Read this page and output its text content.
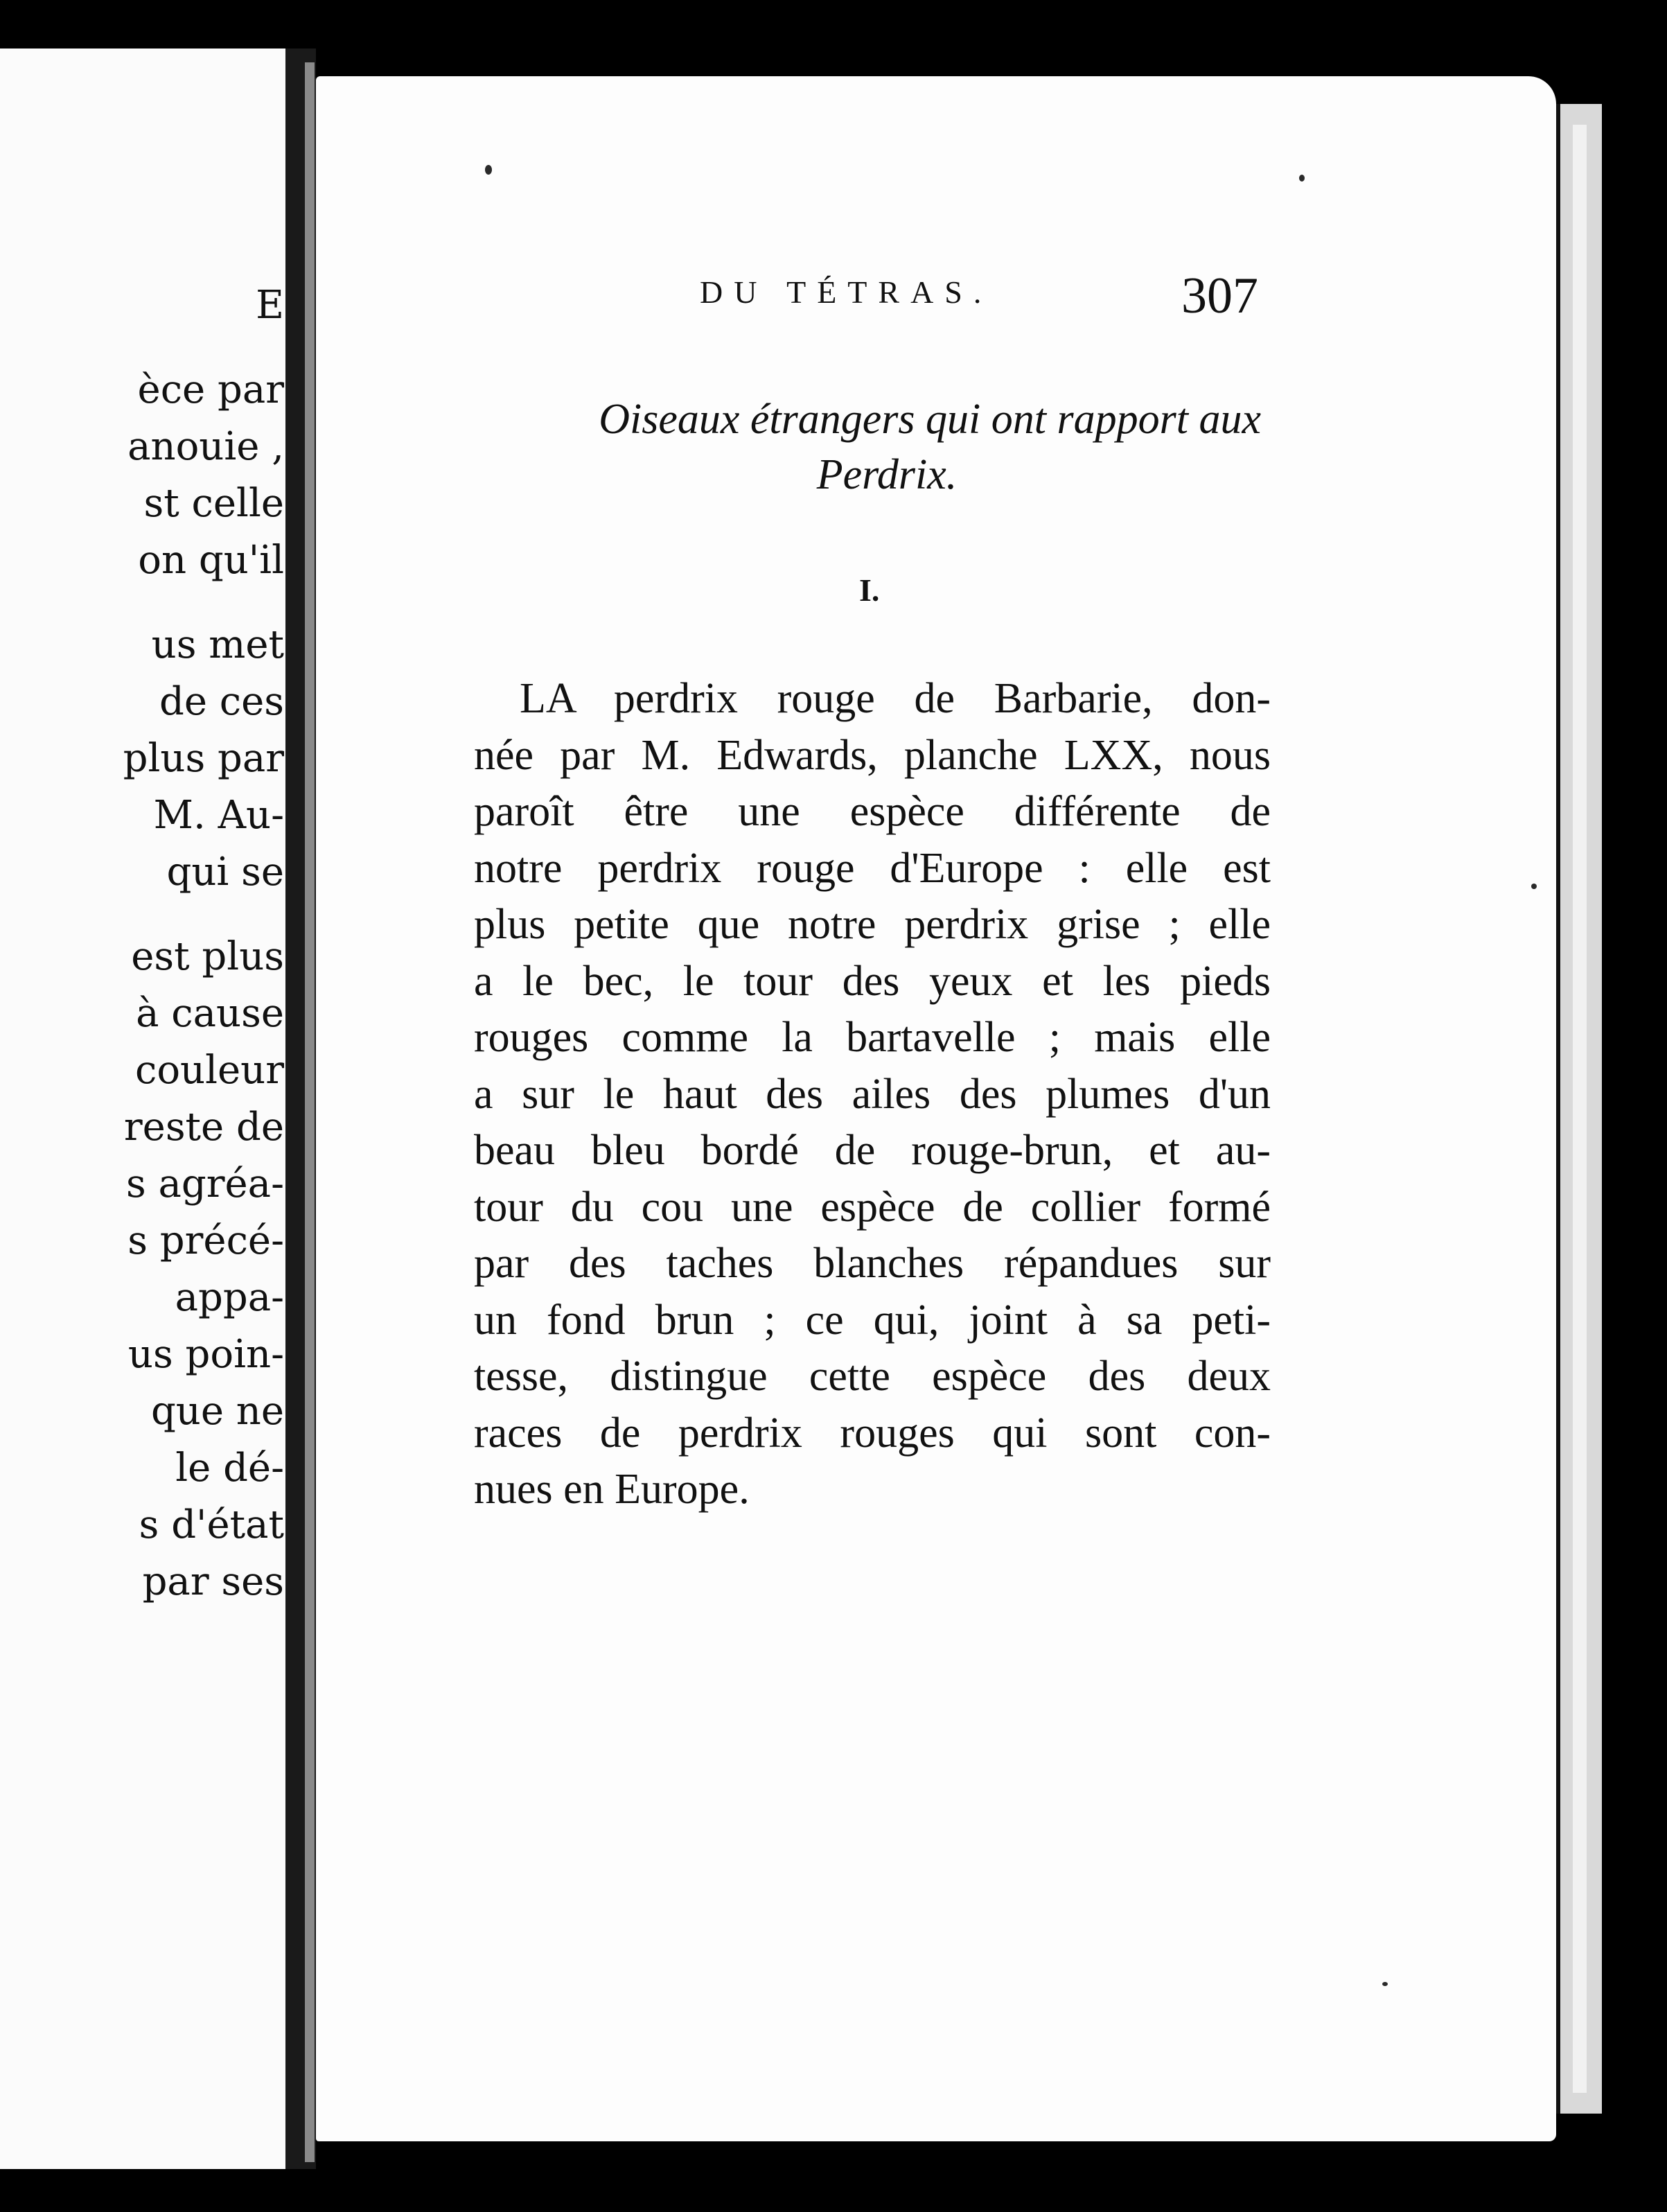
E
èce par
anouie ,
st celle
on qu'il
us met
de ces
plus par
M. Au-
qui se
est plus
à cause
couleur
reste de
s agréa-
s précé-
appa-
us poin-
que ne
le dé-
s d'état
par ses
DU TÉTRAS.	307
Oiseaux étrangers qui ont rapport aux
Perdrix.
I.
LA perdrix rouge de Barbarie, don-
née par M. Edwards, planche LXX, nous
paroît être une espèce différente de
notre perdrix rouge d'Europe : elle est
plus petite que notre perdrix grise ; elle
a le bec, le tour des yeux et les pieds
rouges comme la bartavelle ; mais elle
a sur le haut des ailes des plumes d'un
beau bleu bordé de rouge-brun, et au-
tour du cou une espèce de collier formé
par des taches blanches répandues sur
un fond brun ; ce qui, joint à sa peti-
tesse, distingue cette espèce des deux
races de perdrix rouges qui sont con-
nues en Europe.
